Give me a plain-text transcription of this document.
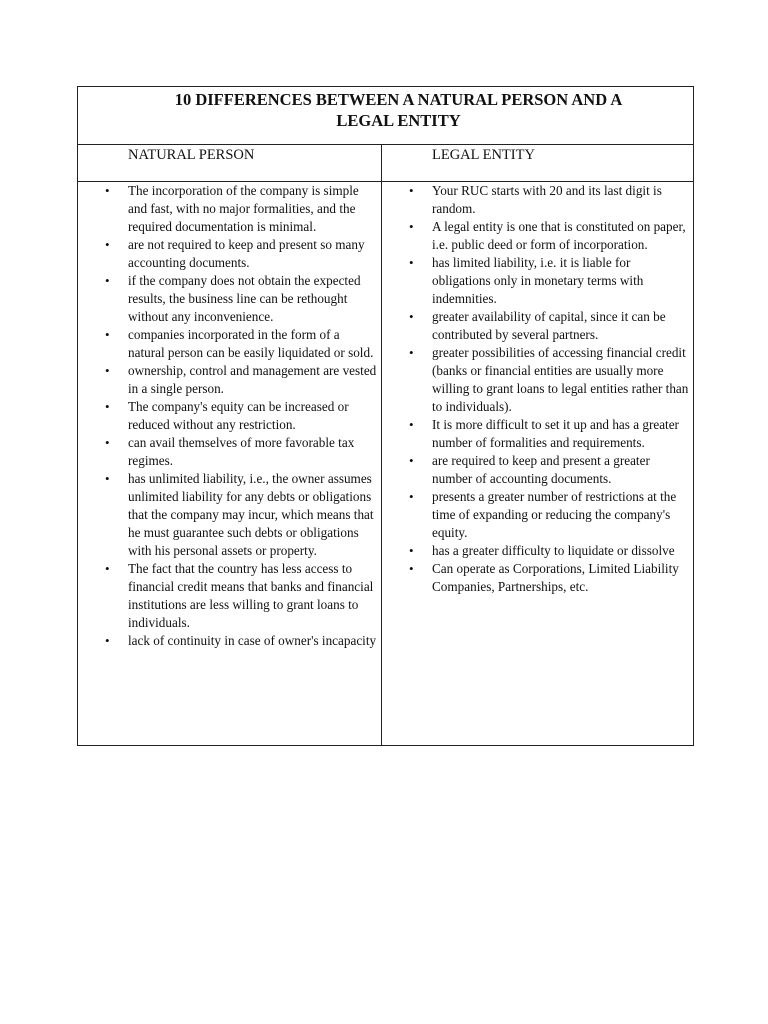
10 DIFFERENCES BETWEEN A NATURAL PERSON AND A
LEGAL ENTITY
NATURAL PERSON	LEGAL ENTITY
• The incorporation of the company is simple and fast, with no major formalities, and the required documentation is minimal.
• are not required to keep and present so many accounting documents.
• if the company does not obtain the expected results, the business line can be rethought without any inconvenience.
• companies incorporated in the form of a natural person can be easily liquidated or sold.
• ownership, control and management are vested in a single person.
• The company's equity can be increased or reduced without any restriction.
• can avail themselves of more favorable tax regimes.
• has unlimited liability, i.e., the owner assumes unlimited liability for any debts or obligations that the company may incur, which means that he must guarantee such debts or obligations with his personal assets or property.
• The fact that the country has less access to financial credit means that banks and financial institutions are less willing to grant loans to individuals.
• lack of continuity in case of owner's incapacity
• Your RUC starts with 20 and its last digit is random.
• A legal entity is one that is constituted on paper, i.e. public deed or form of incorporation.
• has limited liability, i.e. it is liable for obligations only in monetary terms with indemnities.
• greater availability of capital, since it can be contributed by several partners.
• greater possibilities of accessing financial credit (banks or financial entities are usually more willing to grant loans to legal entities rather than to individuals).
• It is more difficult to set it up and has a greater number of formalities and requirements.
• are required to keep and present a greater number of accounting documents.
• presents a greater number of restrictions at the time of expanding or reducing the company's equity.
• has a greater difficulty to liquidate or dissolve
• Can operate as Corporations, Limited Liability Companies, Partnerships, etc.
